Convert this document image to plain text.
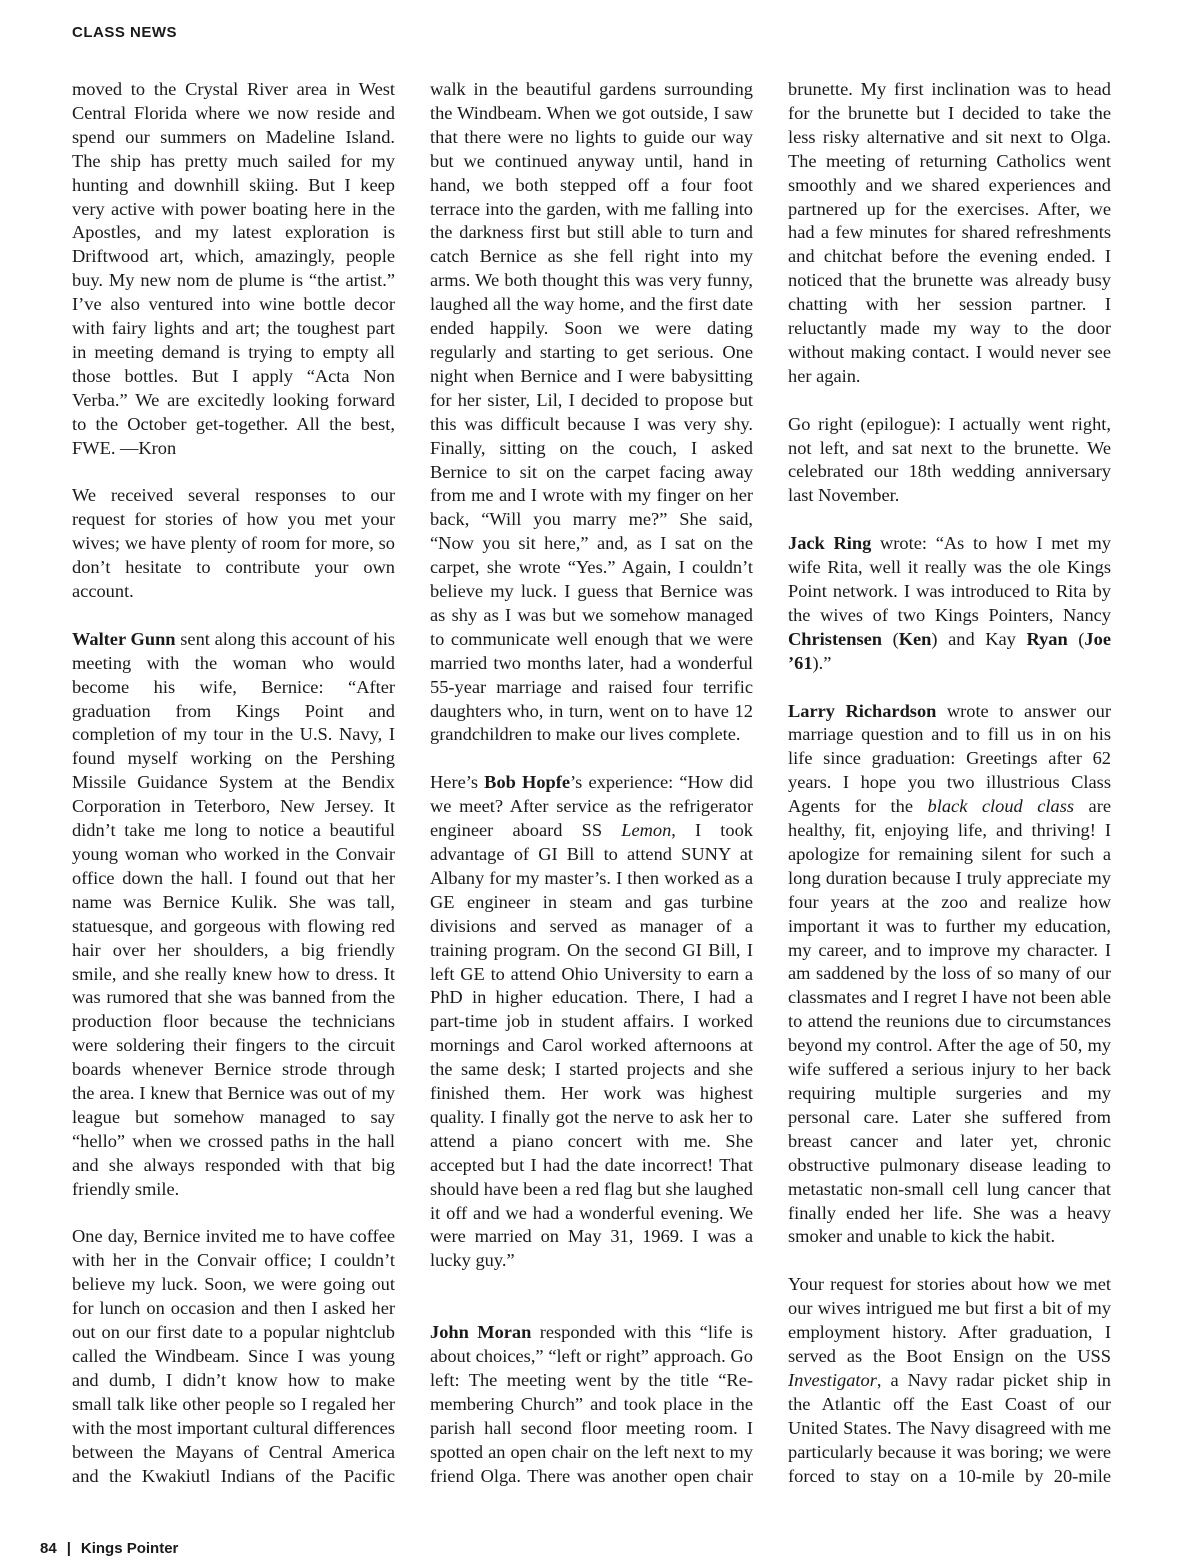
CLASS NEWS

moved to the Crystal River area in West Central Florida where we now reside and spend our summers on Madeline Island. The ship has pretty much sailed for my hunting and downhill skiing. But I keep very active with power boating here in the Apostles, and my latest exploration is Driftwood art, which, amazingly, people buy. My new nom de plume is “the artist.” I’ve also ventured into wine bottle decor with fairy lights and art; the toughest part in meeting demand is trying to empty all those bottles. But I apply “Acta Non Verba.” We are excitedly looking forward to the October get-together. All the best, FWE. —Kron

We received several responses to our request for stories of how you met your wives; we have plenty of room for more, so don’t hesitate to contribute your own account.

Walter Gunn sent along this account of his meeting with the woman who would become his wife, Bernice: “After graduation from Kings Point and completion of my tour in the U.S. Navy, I found myself working on the Pershing Missile Guidance System at the Bendix Corporation in Teterboro, New Jersey. It didn’t take me long to notice a beautiful young woman who worked in the Convair office down the hall. I found out that her name was Bernice Kulik. She was tall, statuesque, and gorgeous with flowing red hair over her shoulders, a big friendly smile, and she really knew how to dress. It was rumored that she was banned from the production floor because the technicians were soldering their fingers to the circuit boards whenever Bernice strode through the area. I knew that Bernice was out of my league but somehow managed to say “hello” when we crossed paths in the hall and she always responded with that big friendly smile.

One day, Bernice invited me to have coffee with her in the Convair office; I couldn’t believe my luck. Soon, we were going out for lunch on occasion and then I asked her out on our first date to a popular nightclub called the Windbeam. Since I was young and dumb, I didn’t know how to make small talk like other people so I regaled her with the most important cultural differences between the Mayans of Central America and the Kwakiutl Indians of the Pacific

walk in the beautiful gardens surrounding the Windbeam. When we got outside, I saw that there were no lights to guide our way but we continued anyway until, hand in hand, we both stepped off a four foot terrace into the garden, with me falling into the darkness first but still able to turn and catch Bernice as she fell right into my arms. We both thought this was very funny, laughed all the way home, and the first date ended happily. Soon we were dating regularly and starting to get serious. One night when Bernice and I were babysitting for her sister, Lil, I decided to propose but this was difficult because I was very shy. Finally, sitting on the couch, I asked Bernice to sit on the carpet facing away from me and I wrote with my finger on her back, “Will you marry me?” She said, “Now you sit here,” and, as I sat on the carpet, she wrote “Yes.” Again, I couldn’t believe my luck. I guess that Bernice was as shy as I was but we somehow managed to communicate well enough that we were married two months later, had a wonderful 55-year marriage and raised four terrific daughters who, in turn, went on to have 12 grandchildren to make our lives complete.

Here’s Bob Hopfe’s experience: “How did we meet? After service as the refrigerator engineer aboard SS Lemon, I took advantage of GI Bill to attend SUNY at Albany for my master’s. I then worked as a GE engineer in steam and gas turbine divisions and served as manager of a training program. On the second GI Bill, I left GE to attend Ohio University to earn a PhD in higher education. There, I had a part-time job in student affairs. I worked mornings and Carol worked afternoons at the same desk; I started projects and she finished them. Her work was highest quality. I finally got the nerve to ask her to attend a piano concert with me. She accepted but I had the date incorrect! That should have been a red flag but she laughed it off and we had a wonderful evening. We were married on May 31, 1969. I was a lucky guy.”

John Moran responded with this “life is about choices,” “left or right” approach. Go left: The meeting went by the title “Re-membering Church” and took place in the parish hall second floor meeting room. I spotted an open chair on the left next to my friend Olga. There was another open chair

brunette. My first inclination was to head for the brunette but I decided to take the less risky alternative and sit next to Olga. The meeting of returning Catholics went smoothly and we shared experiences and partnered up for the exercises. After, we had a few minutes for shared refreshments and chitchat before the evening ended. I noticed that the brunette was already busy chatting with her session partner. I reluctantly made my way to the door without making contact. I would never see her again.

Go right (epilogue): I actually went right, not left, and sat next to the brunette. We celebrated our 18th wedding anniversary last November.

Jack Ring wrote: “As to how I met my wife Rita, well it really was the ole Kings Point network. I was introduced to Rita by the wives of two Kings Pointers, Nancy Christensen (Ken) and Kay Ryan (Joe ’61).”

Larry Richardson wrote to answer our marriage question and to fill us in on his life since graduation: Greetings after 62 years. I hope you two illustrious Class Agents for the black cloud class are healthy, fit, enjoying life, and thriving! I apologize for remaining silent for such a long duration because I truly appreciate my four years at the zoo and realize how important it was to further my education, my career, and to improve my character. I am saddened by the loss of so many of our classmates and I regret I have not been able to attend the reunions due to circumstances beyond my control. After the age of 50, my wife suffered a serious injury to her back requiring multiple surgeries and my personal care. Later she suffered from breast cancer and later yet, chronic obstructive pulmonary disease leading to metastatic non-small cell lung cancer that finally ended her life. She was a heavy smoker and unable to kick the habit.

Your request for stories about how we met our wives intrigued me but first a bit of my employment history. After graduation, I served as the Boot Ensign on the USS Investigator, a Navy radar picket ship in the Atlantic off the East Coast of our United States. The Navy disagreed with me particularly because it was boring; we were forced to stay on a 10-mile by 20-mile

84 | Kings Pointer
